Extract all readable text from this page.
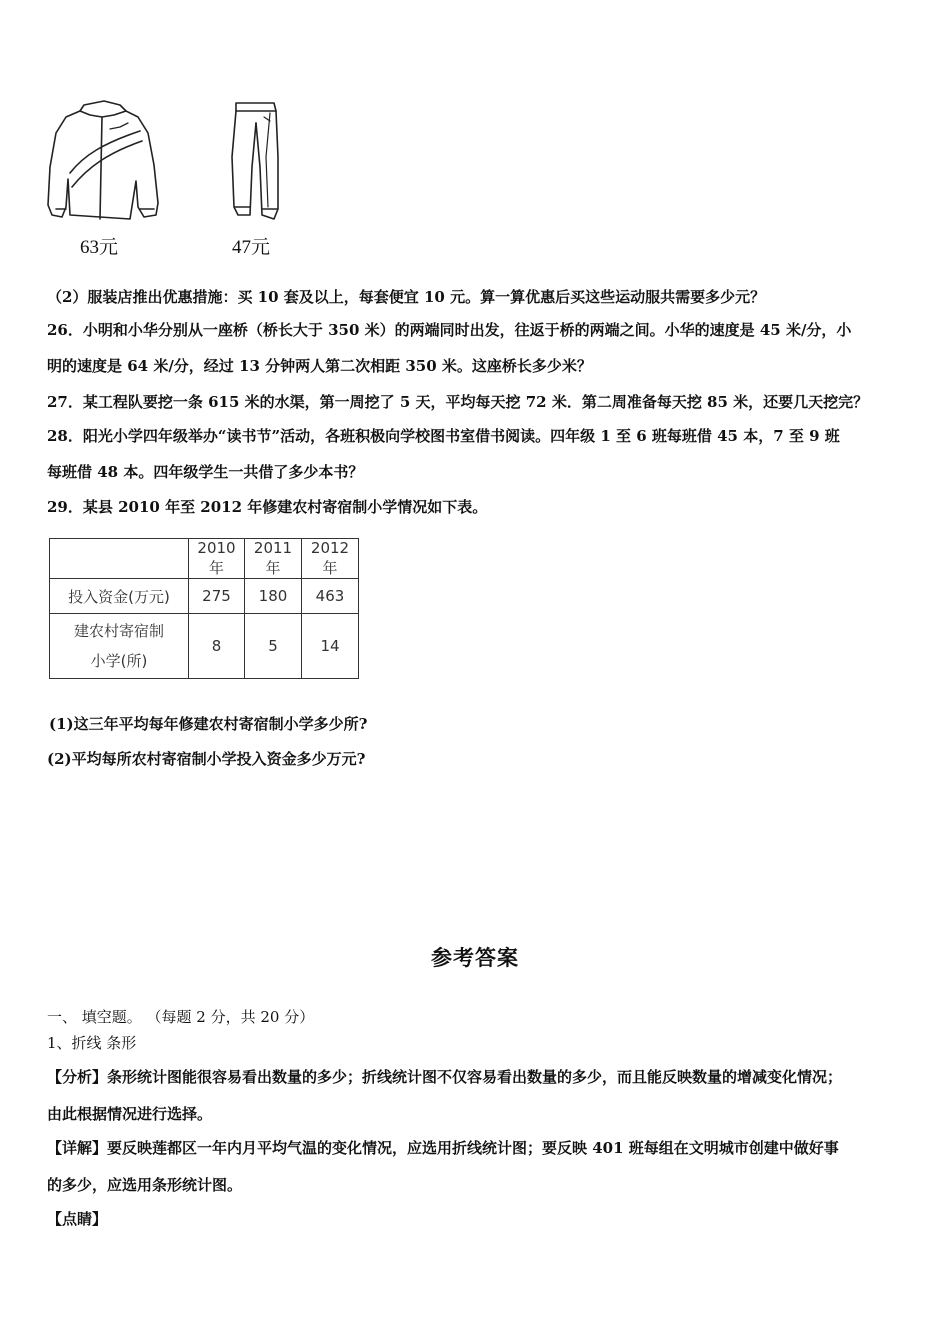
63元	47元
（2）服装店推出优惠措施：买 10 套及以上，每套便宜 10 元。算一算优惠后买这些运动服共需要多少元？
26．小明和小华分别从一座桥（桥长大于 350 米）的两端同时出发，往返于桥的两端之间。小华的速度是 45 米/分，小
明的速度是 64 米/分，经过 13 分钟两人第二次相距 350 米。这座桥长多少米？
27．某工程队要挖一条 615 米的水渠，第一周挖了 5 天，平均每天挖 72 米．第二周准备每天挖 85 米，还要几天挖完？
28．阳光小学四年级举办“读书节”活动，各班积极向学校图书室借书阅读。四年级 1 至 6 班每班借 45 本，7 至 9 班
每班借 48 本。四年级学生一共借了多少本书？
29．某县 2010 年至 2012 年修建农村寄宿制小学情况如下表。
	2010 年	2011 年	2012 年
投入资金(万元)	275	180	463

建农村寄宿制
小学(所)	8	5	14
(1)这三年平均每年修建农村寄宿制小学多少所?
(2)平均每所农村寄宿制小学投入资金多少万元?
参考答案
一、 填空题。 （每题 2 分，共 20 分）
1、折线 条形
【分析】条形统计图能很容易看出数量的多少；折线统计图不仅容易看出数量的多少，而且能反映数量的增减变化情况；
由此根据情况进行选择。
【详解】要反映莲都区一年内月平均气温的变化情况，应选用折线统计图；要反映 401 班每组在文明城市创建中做好事
的多少，应选用条形统计图。
【点睛】
